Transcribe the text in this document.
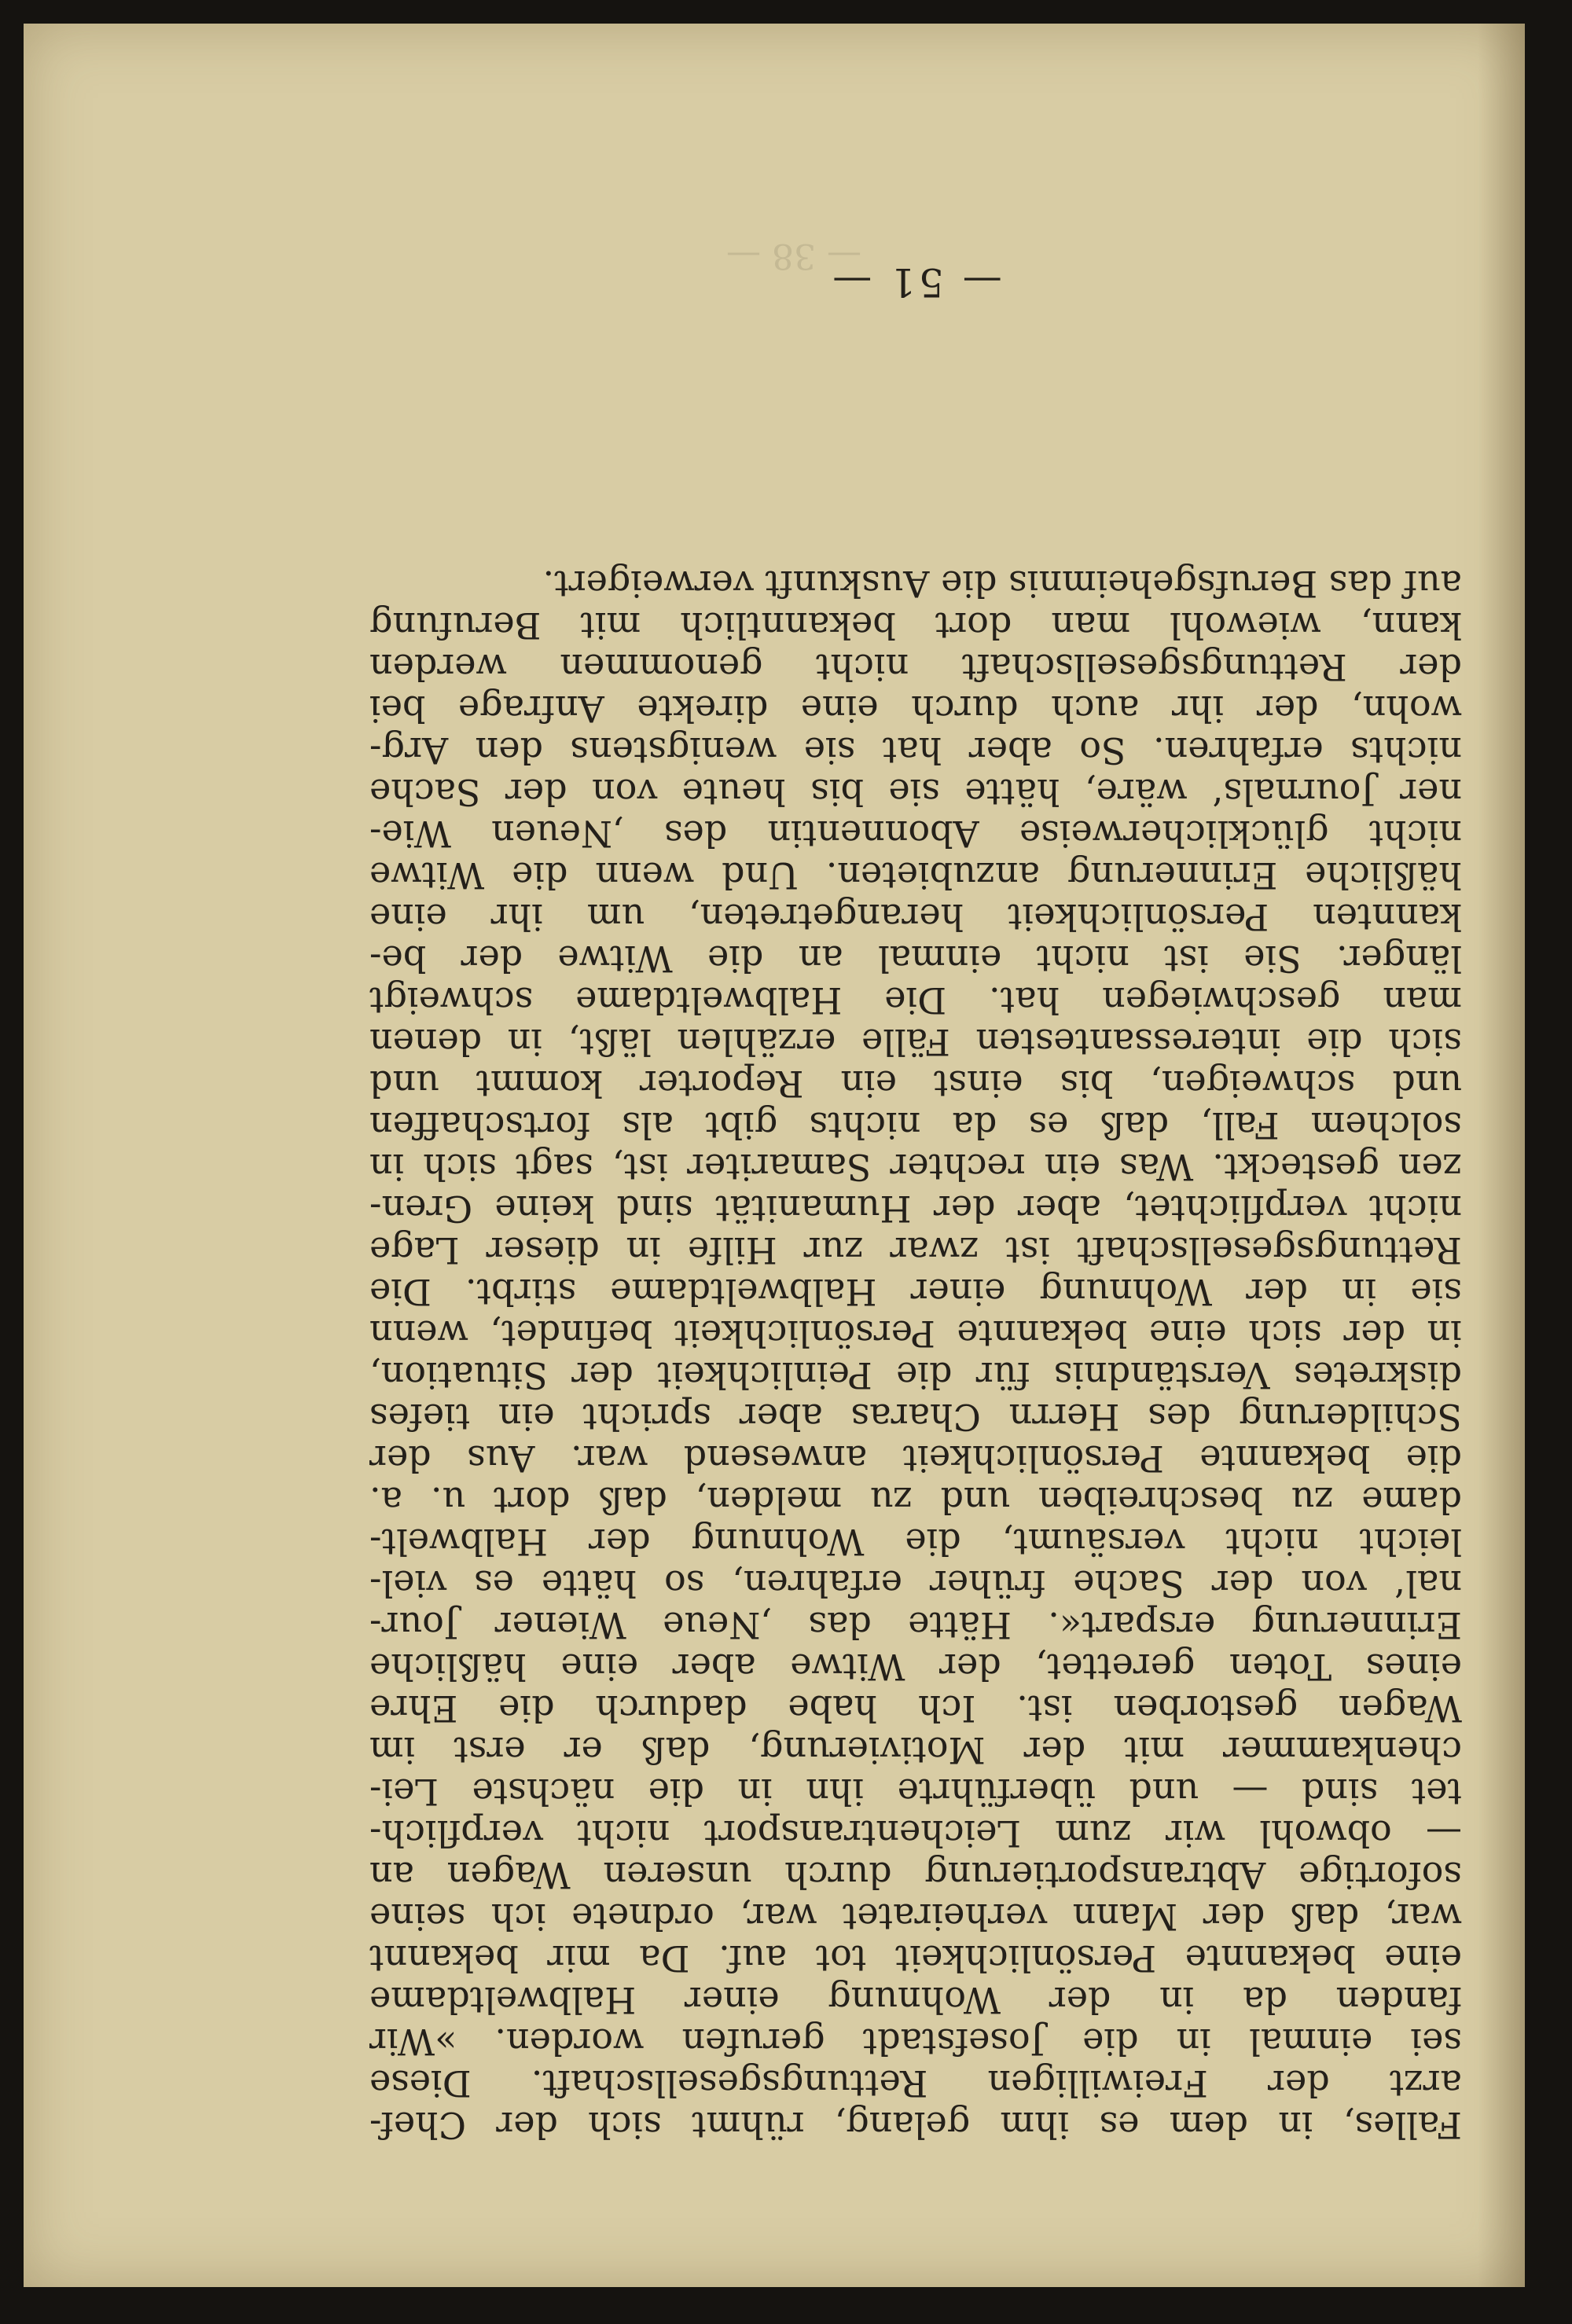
— 38 —
Falles, in dem es ihm gelang, rühmt sich der Chef-
arzt der Freiwilligen Rettungsgesellschaft. Diese
sei einmal in die Josefstadt gerufen worden. »Wir
fanden da in der Wohnung einer Halbweltdame
eine bekannte Persönlichkeit tot auf. Da mir bekannt
war, daß der Mann verheiratet war, ordnete ich seine
sofortige Abtransportierung durch unseren Wagen an
— obwohl wir zum Leichentransport nicht verpflich-
tet sind — und überführte ihn in die nächste Lei-
chenkammer mit der Motivierung, daß er erst im
Wagen gestorben ist. Ich habe dadurch die Ehre
eines Toten gerettet, der Witwe aber eine häßliche
Erinnerung erspart«. Hätte das ‚Neue Wiener Jour-
nal‘ von der Sache früher erfahren, so hätte es viel-
leicht nicht versäumt, die Wohnung der Halbwelt-
dame zu beschreiben und zu melden, daß dort u. a.
die bekannte Persönlichkeit anwesend war. Aus der
Schilderung des Herrn Charas aber spricht ein tiefes
diskretes Verständnis für die Peinlichkeit der Situation,
in der sich eine bekannte Persönlichkeit befindet, wenn
sie in der Wohnung einer Halbweltdame stirbt. Die
Rettungsgesellschaft ist zwar zur Hilfe in dieser Lage
nicht verpflichtet, aber der Humanität sind keine Gren-
zen gesteckt. Was ein rechter Samariter ist, sagt sich in
solchem Fall, daß es da nichts gibt als fortschaffen
und schweigen, bis einst ein Reporter kommt und
sich die interessantesten Fälle erzählen läßt, in denen
man geschwiegen hat. Die Halbweltdame schweigt
länger. Sie ist nicht einmal an die Witwe der be-
kannten Persönlichkeit herangetreten, um ihr eine
häßliche Erinnerung anzubieten. Und wenn die Witwe
nicht glücklicherweise Abonnentin des ‚Neuen Wie-
ner Journals‘ wäre, hätte sie bis heute von der Sache
nichts erfahren. So aber hat sie wenigstens den Arg-
wohn, der ihr auch durch eine direkte Anfrage bei
der Rettungsgesellschaft nicht genommen werden
kann, wiewohl man dort bekanntlich mit Berufung
auf das Berufsgeheimnis die Auskunft verweigert.
— 51 —
